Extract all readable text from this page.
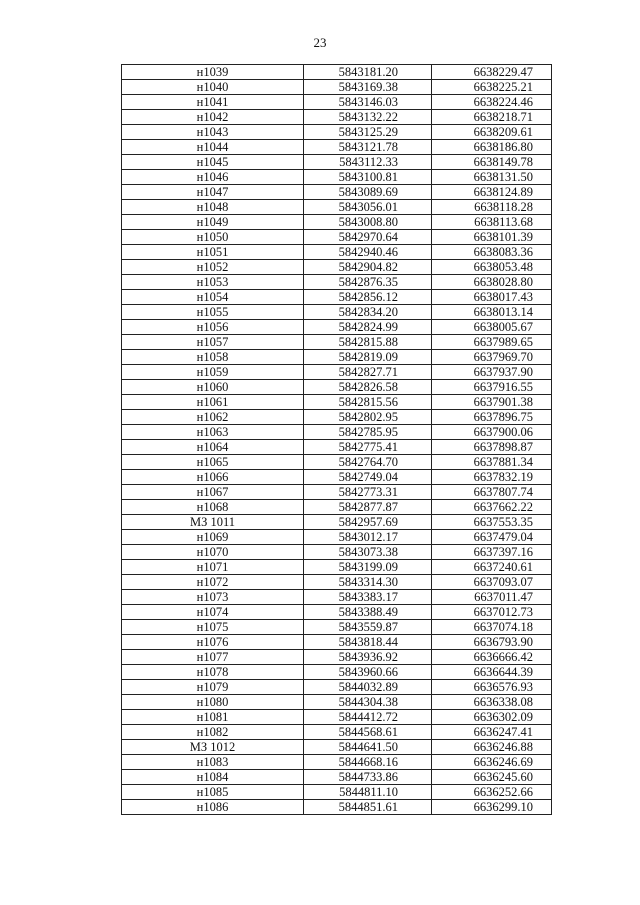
23
н1039	5843181.20	6638229.47
н1040	5843169.38	6638225.21
н1041	5843146.03	6638224.46
н1042	5843132.22	6638218.71
н1043	5843125.29	6638209.61
н1044	5843121.78	6638186.80
н1045	5843112.33	6638149.78
н1046	5843100.81	6638131.50
н1047	5843089.69	6638124.89
н1048	5843056.01	6638118.28
н1049	5843008.80	6638113.68
н1050	5842970.64	6638101.39
н1051	5842940.46	6638083.36
н1052	5842904.82	6638053.48
н1053	5842876.35	6638028.80
н1054	5842856.12	6638017.43
н1055	5842834.20	6638013.14
н1056	5842824.99	6638005.67
н1057	5842815.88	6637989.65
н1058	5842819.09	6637969.70
н1059	5842827.71	6637937.90
н1060	5842826.58	6637916.55
н1061	5842815.56	6637901.38
н1062	5842802.95	6637896.75
н1063	5842785.95	6637900.06
н1064	5842775.41	6637898.87
н1065	5842764.70	6637881.34
н1066	5842749.04	6637832.19
н1067	5842773.31	6637807.74
н1068	5842877.87	6637662.22
МЗ 1011	5842957.69	6637553.35
н1069	5843012.17	6637479.04
н1070	5843073.38	6637397.16
н1071	5843199.09	6637240.61
н1072	5843314.30	6637093.07
н1073	5843383.17	6637011.47
н1074	5843388.49	6637012.73
н1075	5843559.87	6637074.18
н1076	5843818.44	6636793.90
н1077	5843936.92	6636666.42
н1078	5843960.66	6636644.39
н1079	5844032.89	6636576.93
н1080	5844304.38	6636338.08
н1081	5844412.72	6636302.09
н1082	5844568.61	6636247.41
МЗ 1012	5844641.50	6636246.88
н1083	5844668.16	6636246.69
н1084	5844733.86	6636245.60
н1085	5844811.10	6636252.66
н1086	5844851.61	6636299.10
